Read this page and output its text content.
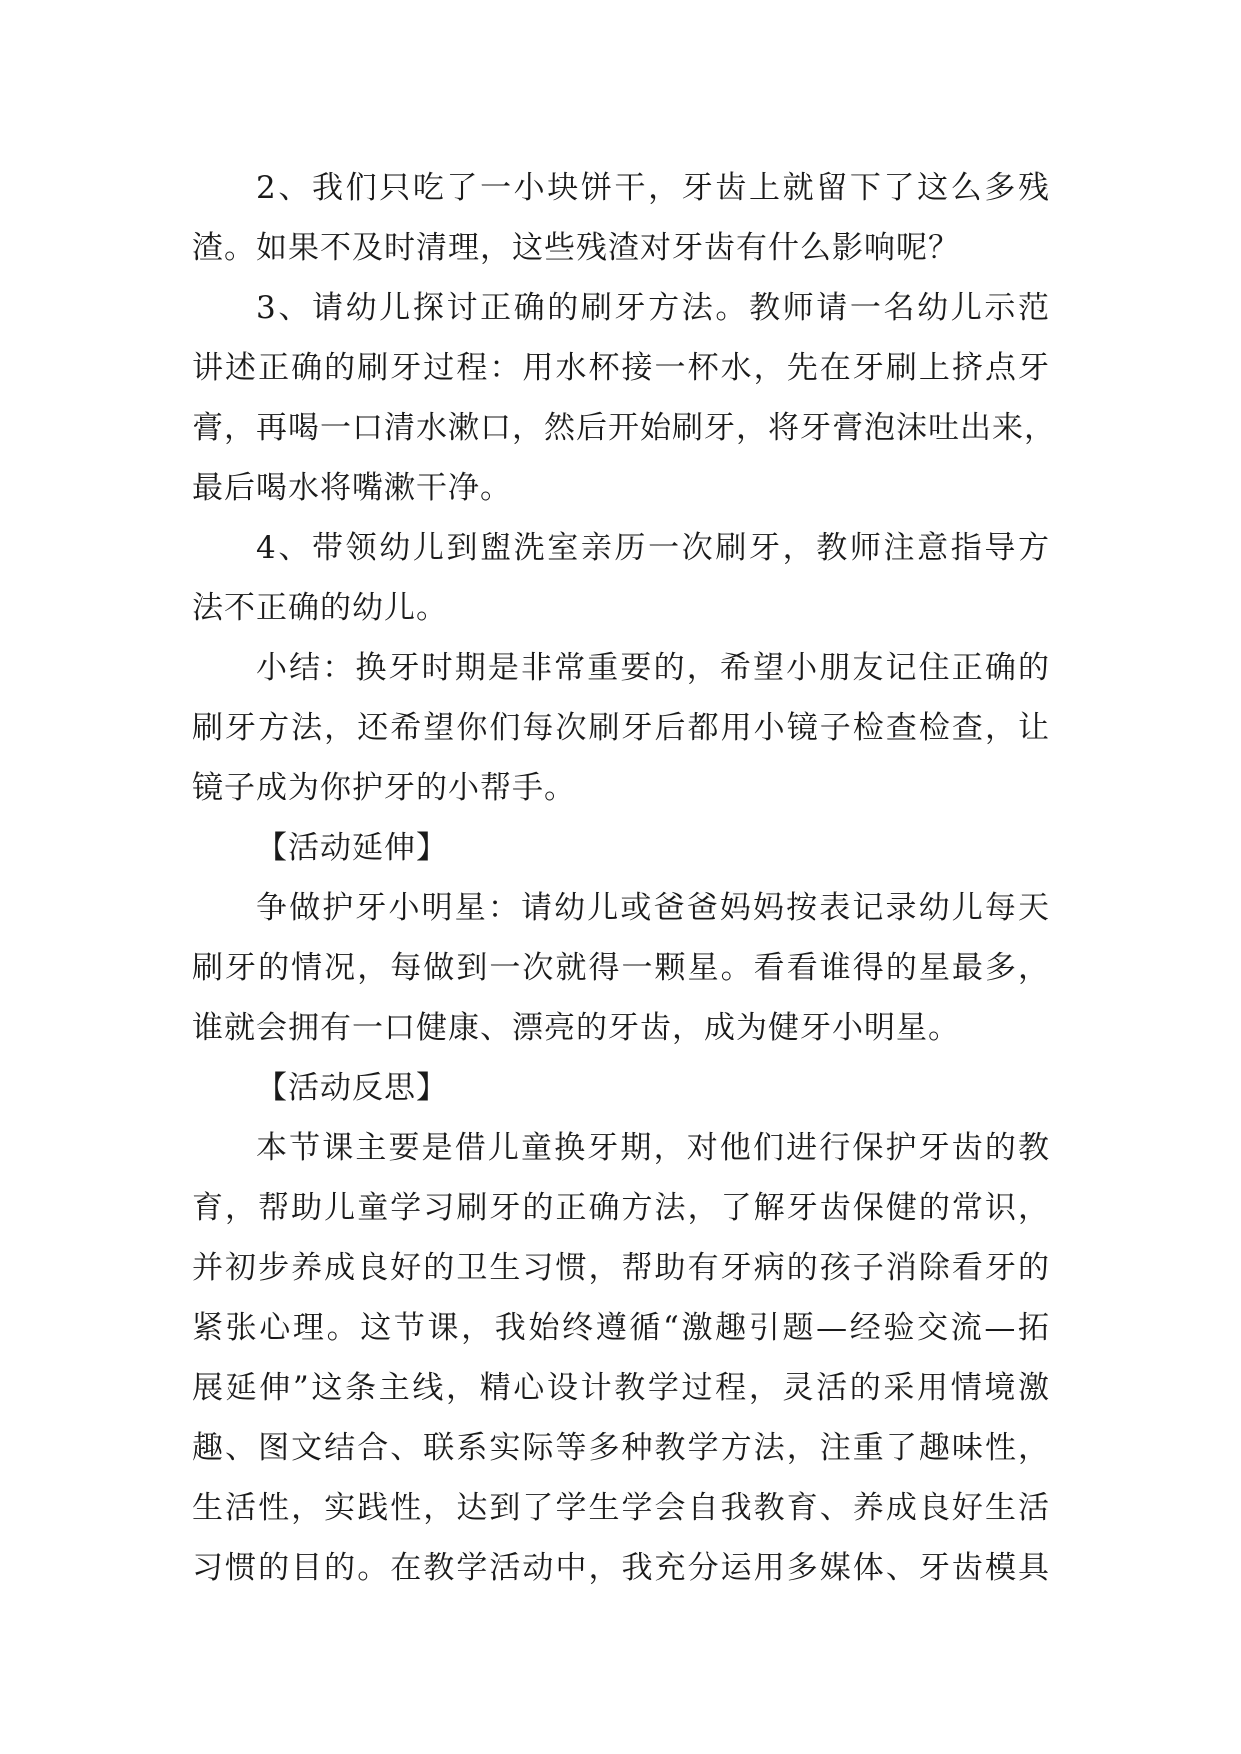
2、我们只吃了一小块饼干，牙齿上就留下了这么多残
渣。如果不及时清理，这些残渣对牙齿有什么影响呢？
3、请幼儿探讨正确的刷牙方法。教师请一名幼儿示范
讲述正确的刷牙过程：用水杯接一杯水，先在牙刷上挤点牙
膏，再喝一口清水漱口，然后开始刷牙，将牙膏泡沫吐出来，
最后喝水将嘴漱干净。
4、带领幼儿到盥洗室亲历一次刷牙，教师注意指导方
法不正确的幼儿。
小结：换牙时期是非常重要的，希望小朋友记住正确的
刷牙方法，还希望你们每次刷牙后都用小镜子检查检查，让
镜子成为你护牙的小帮手。
【活动延伸】
争做护牙小明星：请幼儿或爸爸妈妈按表记录幼儿每天
刷牙的情况，每做到一次就得一颗星。看看谁得的星最多，
谁就会拥有一口健康、漂亮的牙齿，成为健牙小明星。
【活动反思】
本节课主要是借儿童换牙期，对他们进行保护牙齿的教
育，帮助儿童学习刷牙的正确方法，了解牙齿保健的常识，
并初步养成良好的卫生习惯，帮助有牙病的孩子消除看牙的
紧张心理。这节课，我始终遵循“激趣引题—经验交流—拓
展延伸”这条主线，精心设计教学过程，灵活的采用情境激
趣、图文结合、联系实际等多种教学方法，注重了趣味性，
生活性，实践性，达到了学生学会自我教育、养成良好生活
习惯的目的。在教学活动中，我充分运用多媒体、牙齿模具
